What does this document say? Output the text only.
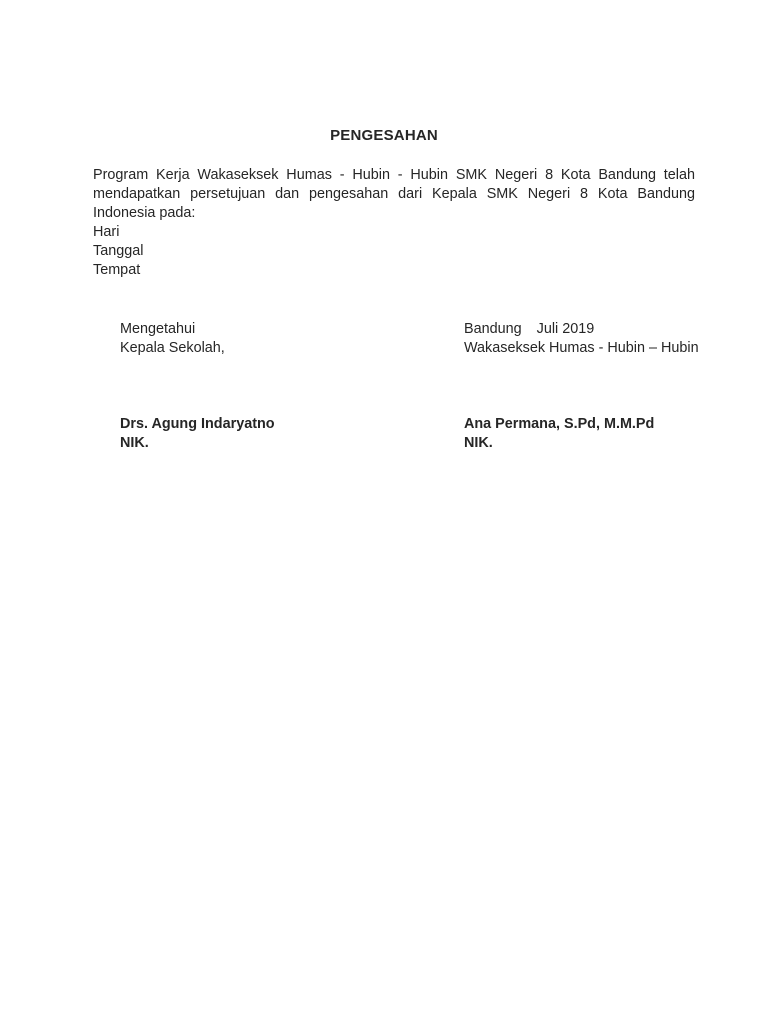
PENGESAHAN
Program Kerja Wakaseksek Humas - Hubin - Hubin SMK Negeri 8 Kota Bandung telah mendapatkan persetujuan dan pengesahan dari Kepala SMK Negeri 8 Kota Bandung Indonesia pada:
Hari
Tanggal
Tempat
Mengetahui
Kepala Sekolah,
Drs. Agung Indaryatno
NIK.
Bandung Juli 2019
Wakaseksek Humas - Hubin – Hubin
Ana Permana, S.Pd, M.M.Pd
NIK.
